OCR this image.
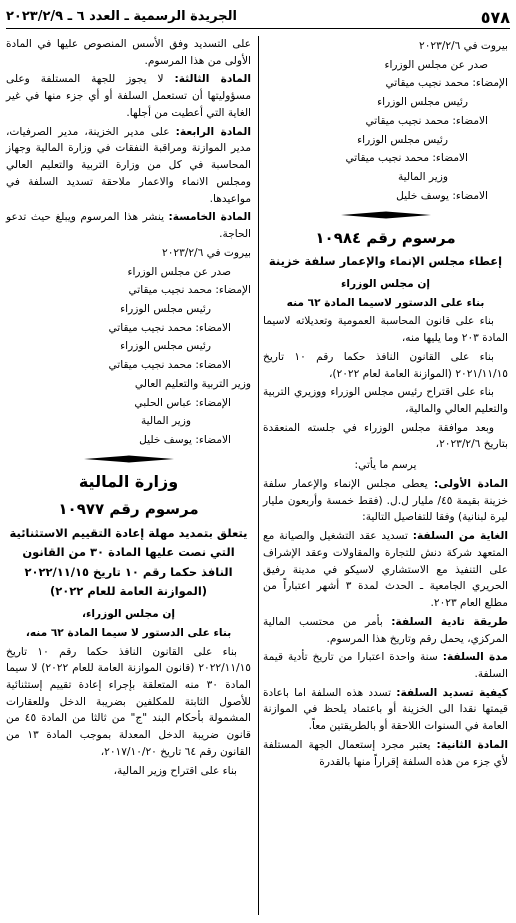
٥٧٨
الجريدة الرسمية ـ العدد ٦ ـ ٢٠٢٣/٢/٩

بيروت في ٢٠٢٣/٢/٦

صدر عن مجلس الوزراء

الإمضاء: محمد نجيب ميقاتي

رئيس مجلس الوزراء

الامضاء: محمد نجيب ميقاتي

رئيس مجلس الوزراء

الامضاء: محمد نجيب ميقاتي

وزير المالية

الامضاء: يوسف خليل

مرسوم رقم ١٠٩٨٤
إعطاء مجلس الإنماء والإعمار سلفة خزينة

إن مجلس الوزراء

بناء على الدستور لاسيما المادة ٦٢ منه

بناء على قانون المحاسبة العمومية وتعديلاته لاسيما المادة ٢٠٣ وما يليها منه،

بناء على القانون النافذ حكما رقم ١٠ تاريخ ٢٠٢١/١١/١٥ (الموازنة العامة لعام ٢٠٢٢)،

بناء على اقتراح رئيس مجلس الوزراء ووزيري التربية والتعليم العالي والمالية،

وبعد موافقة مجلس الوزراء في جلسته المنعقدة بتاريخ ٢٠٢٣/٢/٦،

يرسم ما يأتي:

المادة الأولى: يعطى مجلس الإنماء والإعمار سلفة خزينة بقيمة ٤٥/ مليار ل.ل. (فقط خمسة وأربعون مليار ليرة لبنانية) وفقا للتفاصيل التالية:

الغاية من السلفة: تسديد عقد التشغيل والصيانة مع المتعهد شركة دنش للتجارة والمقاولات وعقد الإشراف على التنفيذ مع الاستشاري لاسيكو في مدينة رفيق الحريري الجامعية ـ الحدث لمدة ٣ أشهر اعتباراً من مطلع العام ٢٠٢٣.

طريقة تادية السلفة: بأمر من محتسب المالية المركزي، يحمل رقم وتاريخ هذا المرسوم.

مدة السلفة: سنة واحدة اعتبارا من تاريخ تأدية قيمة السلفة.

كيفية تسديد السلفة: تسدد هذه السلفة اما باعادة قيمتها نقدا الى الخزينة أو باعتماد يلحظ في الموازنة العامة في السنوات اللاحقة أو بالطريقتين معاً.

المادة الثانية: يعتبر مجرد إستعمال الجهة المستلفة لأي جزء من هذه السلفة إقراراً منها بالقدرة

على التسديد وفق الأسس المنصوص عليها في المادة الأولى من هذا المرسوم.

المادة الثالثة: لا يجوز للجهة المستلفة وعلى مسؤوليتها أن تستعمل السلفة أو أي جزء منها في غير الغاية التي أعطيت من أجلها.

المادة الرابعة: على مدير الخزينة، مدير الصرفيات، مدير الموازنة ومراقبة النفقات في وزارة المالية وجهاز المحاسبة في كل من وزارة التربية والتعليم العالي ومجلس الانماء والاعمار ملاحقة تسديد السلفة في مواعيدها.

المادة الخامسة: ينشر هذا المرسوم ويبلغ حيث تدعو الحاجة.

بيروت في ٢٠٢٣/٢/٦

صدر عن مجلس الوزراء

الإمضاء: محمد نجيب ميقاتي

رئيس مجلس الوزراء

الامضاء: محمد نجيب ميقاتي

رئيس مجلس الوزراء

الامضاء: محمد نجيب ميقاتي

وزير التربية والتعليم العالي

الإمضاء: عباس الحلبي

وزير المالية

الامضاء: يوسف خليل

وزارة المالية
مرسوم رقم ١٠٩٧٧
يتعلق بتمديد مهلة إعادة التقييم الاستثنائية التي نصت عليها المادة ٣٠ من القانون النافذ حكما رقم ١٠ تاريخ ٢٠٢٢/١١/١٥ (الموازنة العامة للعام ٢٠٢٢)

إن مجلس الوزراء،

بناء على الدستور لا سيما المادة ٦٢ منه،

بناء على القانون النافذ حكما رقم ١٠ تاريخ ٢٠٢٢/١١/١٥ (قانون الموازنة العامة للعام ٢٠٢٢) لا سيما المادة ٣٠ منه المتعلقة بإجراء إعادة تقييم إستثنائية للأصول الثابتة للمكلفين بضريبة الدخل وللعقارات المشمولة بأحكام البند "ج" من ثالثا من المادة ٤٥ من قانون ضريبة الدخل المعدلة بموجب المادة ١٣ من القانون رقم ٦٤ تاريخ ٢٠١٧/١٠/٢٠،

بناء على اقتراح وزير المالية،
